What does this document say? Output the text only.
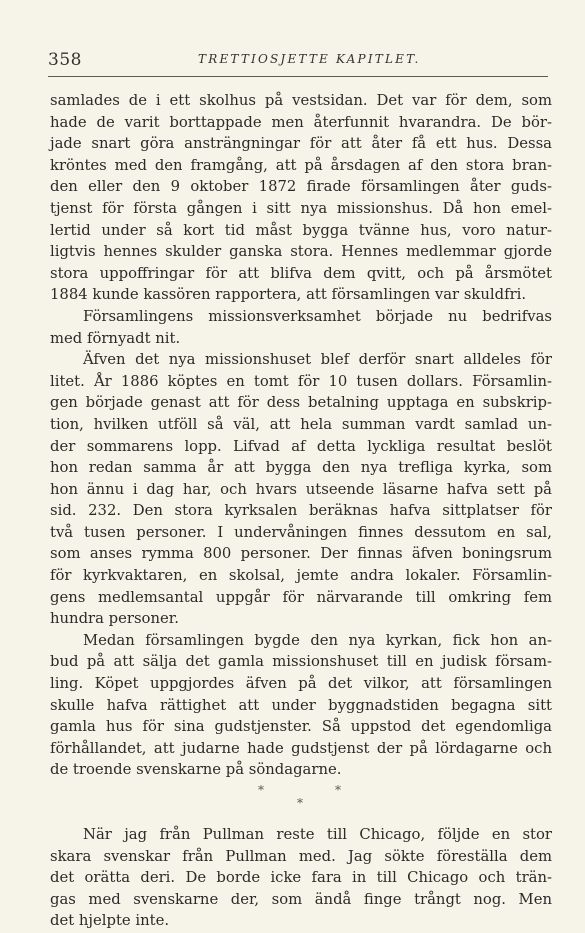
358	TRETTIOSJETTE KAPITLET.
samlades de i ett skolhus på vestsidan. Det var för dem, som
hade de varit borttappade men återfunnit hvarandra. De bör-
jade snart göra ansträngningar för att åter få ett hus. Dessa
kröntes med den framgång, att på årsdagen af den stora bran-
den eller den 9 oktober 1872 firade församlingen åter guds-
tjenst för första gången i sitt nya missionshus. Då hon emel-
lertid under så kort tid måst bygga tvänne hus, voro natur-
ligtvis hennes skulder ganska stora. Hennes medlemmar gjorde
stora uppoffringar för att blifva dem qvitt, och på årsmötet
1884 kunde kassören rapportera, att församlingen var skuldfri.
Församlingens missionsverksamhet började nu bedrifvas
med förnyadt nit.
Äfven det nya missionshuset blef derför snart alldeles för
litet. År 1886 köptes en tomt för 10 tusen dollars. Församlin-
gen började genast att för dess betalning upptaga en subskrip-
tion, hvilken utföll så väl, att hela summan vardt samlad un-
der sommarens lopp. Lifvad af detta lyckliga resultat beslöt
hon redan samma år att bygga den nya trefliga kyrka, som
hon ännu i dag har, och hvars utseende läsarne hafva sett på
sid. 232. Den stora kyrksalen beräknas hafva sittplatser för
två tusen personer. I undervåningen finnes dessutom en sal,
som anses rymma 800 personer. Der finnas äfven boningsrum
för kyrkvaktaren, en skolsal, jemte andra lokaler. Församlin-
gens medlemsantal uppgår för närvarande till omkring fem
hundra personer.
Medan församlingen bygde den nya kyrkan, fick hon an-
bud på att sälja det gamla missionshuset till en judisk försam-
ling. Köpet uppgjordes äfven på det vilkor, att församlingen
skulle hafva rättighet att under byggnadstiden begagna sitt
gamla hus för sina gudstjenster. Så uppstod det egendomliga
förhållandet, att judarne hade gudstjenst der på lördagarne och
de troende svenskarne på söndagarne.
*	*
*
När jag från Pullman reste till Chicago, följde en stor
skara svenskar från Pullman med. Jag sökte föreställa dem
det orätta deri. De borde icke fara in till Chicago och trän-
gas med svenskarne der, som ändå finge trångt nog. Men
det hjelpte inte.
